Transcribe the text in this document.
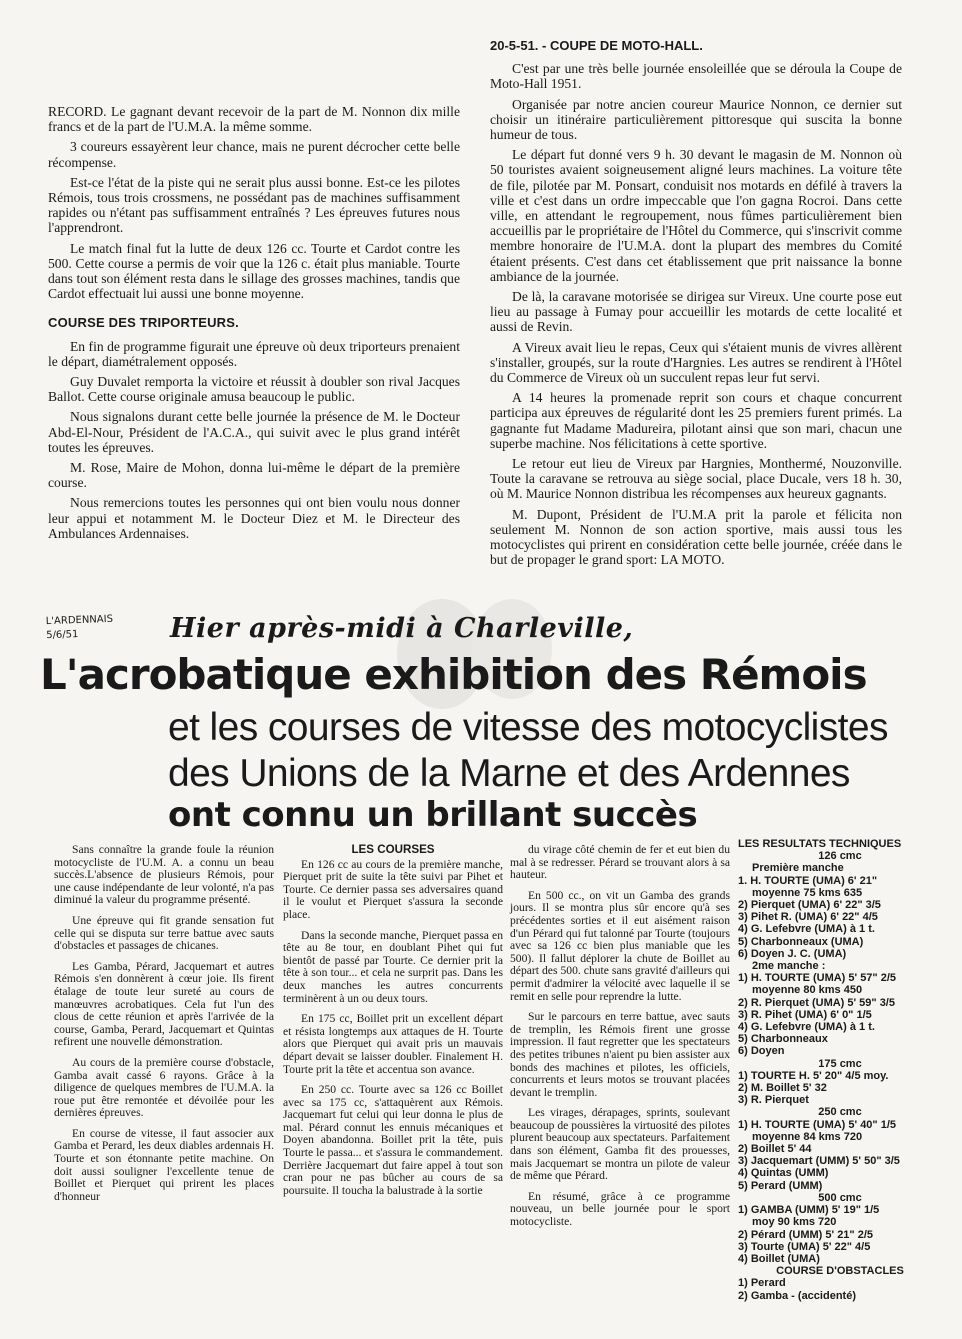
RECORD. Le gagnant devant recevoir de la part de M. Nonnon dix mille francs et de la part de l'U.M.A. la même somme.

3 coureurs essayèrent leur chance, mais ne purent décrocher cette belle récompense.

Est-ce l'état de la piste qui ne serait plus aussi bonne. Est-ce les pilotes Rémois, tous trois crossmens, ne possédant pas de machines suffisamment rapides ou n'étant pas suffisamment entraînés ? Les épreuves futures nous l'apprendront.

Le match final fut la lutte de deux 126 cc. Tourte et Cardot contre les 500. Cette course a permis de voir que la 126 c. était plus maniable. Tourte dans tout son élément resta dans le sillage des grosses machines, tandis que Cardot effectuait lui aussi une bonne moyenne.

COURSE DES TRIPORTEURS.

En fin de programme figurait une épreuve où deux triporteurs prenaient le départ, diamétralement opposés.

Guy Duvalet remporta la victoire et réussit à doubler son rival Jacques Ballot. Cette course originale amusa beaucoup le public.

Nous signalons durant cette belle journée la présence de M. le Docteur Abd-El-Nour, Président de l'A.C.A., qui suivit avec le plus grand intérêt toutes les épreuves.

M. Rose, Maire de Mohon, donna lui-même le départ de la première course.

Nous remercions toutes les personnes qui ont bien voulu nous donner leur appui et notamment M. le Docteur Diez et M. le Directeur des Ambulances Ardennaises.

20-5-51. - COUPE DE MOTO-HALL.

C'est par une très belle journée ensoleillée que se déroula la Coupe de Moto-Hall 1951.

Organisée par notre ancien coureur Maurice Nonnon, ce dernier sut choisir un itinéraire particulièrement pittoresque qui suscita la bonne humeur de tous.

Le départ fut donné vers 9 h. 30 devant le magasin de M. Nonnon où 50 touristes avaient soigneusement aligné leurs machines. La voiture tête de file, pilotée par M. Ponsart, conduisit nos motards en défilé à travers la ville et c'est dans un ordre impeccable que l'on gagna Rocroi. Dans cette ville, en attendant le regroupement, nous fûmes particulièrement bien accueillis par le propriétaire de l'Hôtel du Commerce, qui s'inscrivit comme membre honoraire de l'U.M.A. dont la plupart des membres du Comité étaient présents. C'est dans cet établissement que prit naissance la bonne ambiance de la journée.

De là, la caravane motorisée se dirigea sur Vireux. Une courte pose eut lieu au passage à Fumay pour accueillir les motards de cette localité et aussi de Revin.

A Vireux avait lieu le repas, Ceux qui s'étaient munis de vivres allèrent s'installer, groupés, sur la route d'Hargnies. Les autres se rendirent à l'Hôtel du Commerce de Vireux où un succulent repas leur fut servi.

A 14 heures la promenade reprit son cours et chaque concurrent participa aux épreuves de régularité dont les 25 premiers furent primés. La gagnante fut Madame Madureira, pilotant ainsi que son mari, chacun une superbe machine. Nos félicitations à cette sportive.

Le retour eut lieu de Vireux par Hargnies, Monthermé, Nouzonville. Toute la caravane se retrouva au siège social, place Ducale, vers 18 h. 30, où M. Maurice Nonnon distribua les récompenses aux heureux gagnants.

M. Dupont, Président de l'U.M.A prit la parole et félicita non seulement M. Nonnon de son action sportive, mais aussi tous les motocyclistes qui prirent en considération cette belle journée, créée dans le but de propager le grand sport: LA MOTO.

L'ARDENNAIS
5/6/51	Hier après-midi à Charleville,
L'acrobatique exhibition des Rémois
et les courses de vitesse des motocyclistes
des Unions de la Marne et des Ardennes
ont connu un brillant succès

Sans connaître la grande foule la réunion motocycliste de l'U.M. A. a connu un beau succès.L'absence de plusieurs Rémois, pour une cause indépendante de leur volonté, n'a pas diminué la valeur du programme présenté.

Une épreuve qui fit grande sensation fut celle qui se disputa sur terre battue avec sauts d'obstacles et passages de chicanes.

Les Gamba, Pérard, Jacquemart et autres Rémois s'en donnèrent à cœur joie. Ils firent étalage de toute leur sureté au cours de manœuvres acrobatiques. Cela fut l'un des clous de cette réunion et après l'arrivée de la course, Gamba, Perard, Jacquemart et Quintas refirent une nouvelle démonstration.

Au cours de la première course d'obstacle, Gamba avait cassé 6 rayons. Grâce à la diligence de quelques membres de l'U.M.A. la roue put être remontée et dévoilée pour les dernières épreuves.

En course de vitesse, il faut associer aux Gamba et Perard, les deux diables ardennais H. Tourte et son étonnante petite machine. On doit aussi souligner l'excellente tenue de Boillet et Pierquet qui prirent les places d'honneur

LES COURSES

En 126 cc au cours de la première manche, Pierquet prit de suite la tête suivi par Pihet et Tourte. Ce dernier passa ses adversaires quand il le voulut et Pierquet s'assura la seconde place.

Dans la seconde manche, Pierquet passa en tête au 8e tour, en doublant Pihet qui fut bientôt de passé par Tourte. Ce dernier prit la tête à son tour... et cela ne surprit pas. Dans les deux manches les autres concurrents terminèrent à un ou deux tours.

En 175 cc, Boillet prit un excellent départ et résista longtemps aux attaques de H. Tourte alors que Pierquet qui avait pris un mauvais départ devait se laisser doubler. Finalement H. Tourte prit la tête et accentua son avance.

En 250 cc. Tourte avec sa 126 cc Boillet avec sa 175 cc, s'attaquèrent aux Rémois. Jacquemart fut celui qui leur donna le plus de mal. Pérard connut les ennuis mécaniques et Doyen abandonna. Boillet prit la tête, puis Tourte le passa... et s'assura le commandement. Derrière Jacquemart dut faire appel à tout son cran pour ne pas bûcher au cours de sa poursuite. Il toucha la balustrade à la sortie

du virage côté chemin de fer et eut bien du mal à se redresser. Pérard se trouvant alors à sa hauteur.

En 500 cc., on vit un Gamba des grands jours. Il se montra plus sûr encore qu'à ses précédentes sorties et il eut aisément raison d'un Pérard qui fut talonné par Tourte (toujours avec sa 126 cc bien plus maniable que les 500). Il fallut déplorer la chute de Boillet au départ des 500. chute sans gravité d'ailleurs qui permit d'admirer la vélocité avec laquelle il se remit en selle pour reprendre la lutte.

Sur le parcours en terre battue, avec sauts de tremplin, les Rémois firent une grosse impression. Il faut regretter que les spectateurs des petites tribunes n'aient pu bien assister aux bonds des machines et pilotes, les officiels, concurrents et leurs motos se trouvant placées devant le tremplin.

Les virages, dérapages, sprints, soulevant beaucoup de poussières la virtuosité des pilotes plurent beaucoup aux spectateurs. Parfaitement dans son élément, Gamba fit des prouesses, mais Jacquemart se montra un pilote de valeur de même que Pérard.

En résumé, grâce à ce programme nouveau, un belle journée pour le sport motocycliste.

LES RESULTATS TECHNIQUES
126 cmc
Première manche
1. H. TOURTE (UMA) 6' 21"
moyenne 75 kms 635
2) Pierquet (UMA) 6' 22" 3/5
3) Pihet R. (UMA) 6' 22" 4/5
4) G. Lefebvre (UMA) à 1 t.
5) Charbonneaux (UMA)
6) Doyen J. C. (UMA)
2me manche :
1) H. TOURTE (UMA) 5' 57" 2/5
moyenne 80 kms 450
2) R. Pierquet (UMA) 5' 59" 3/5
3) R. Pihet (UMA) 6' 0" 1/5
4) G. Lefebvre (UMA) à 1 t.
5) Charbonneaux
6) Doyen
175 cmc
1) TOURTE H. 5' 20" 4/5 moy.
2) M. Boillet 5' 32
3) R. Pierquet
250 cmc
1) H. TOURTE (UMA) 5' 40" 1/5
moyenne 84 kms 720
2) Boillet 5' 44
3) Jacquemart (UMM) 5' 50" 3/5
4) Quintas (UMM)
5) Perard (UMM)
500 cmc
1) GAMBA (UMM) 5' 19" 1/5
moy 90 kms 720
2) Pérard (UMM) 5' 21" 2/5
3) Tourte (UMA) 5' 22" 4/5
4) Boillet (UMA)
COURSE D'OBSTACLES
1) Perard
2) Gamba - (accidenté)
